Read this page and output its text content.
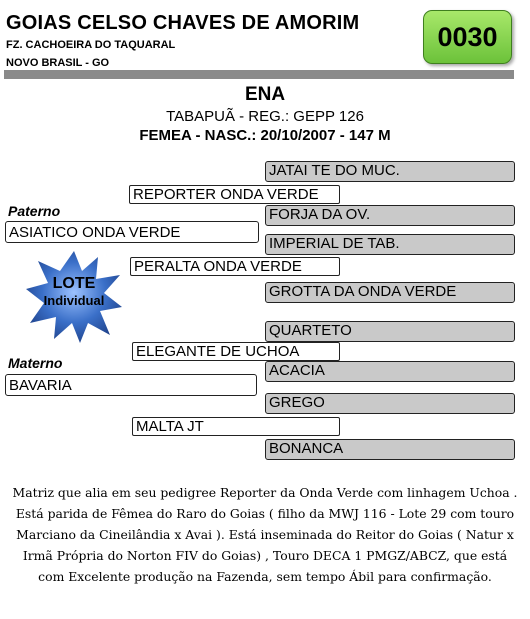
GOIAS CELSO CHAVES DE AMORIM
FZ. CACHOEIRA DO TAQUARAL
NOVO BRASIL - GO
0030
ENA
TABAPUÃ - REG.: GEPP 126
FEMEA - NASC.: 20/10/2007 - 147 M
JATAI TE DO MUC.
FORJA DA OV.
IMPERIAL DE TAB.
GROTTA DA ONDA VERDE
QUARTETO
ACACIA
GREGO
BONANCA
REPORTER ONDA VERDE
PERALTA ONDA VERDE
ELEGANTE DE UCHOA
MALTA JT
Paterno
ASIATICO ONDA VERDE
Materno
BAVARIA
LOTE
Individual
Matriz que alia em seu pedigree Reporter da Onda Verde com linhagem Uchoa . Está parida de Fêmea do Raro do Goias ( filho da MWJ 116 - Lote 29 com touro Marciano da Cineilândia x Avai ). Está inseminada do Reitor do Goias ( Natur x Irmã Própria do Norton FIV do Goias) , Touro DECA 1 PMGZ/ABCZ, que está com Excelente produção na Fazenda, sem tempo Ábil para confirmação.
